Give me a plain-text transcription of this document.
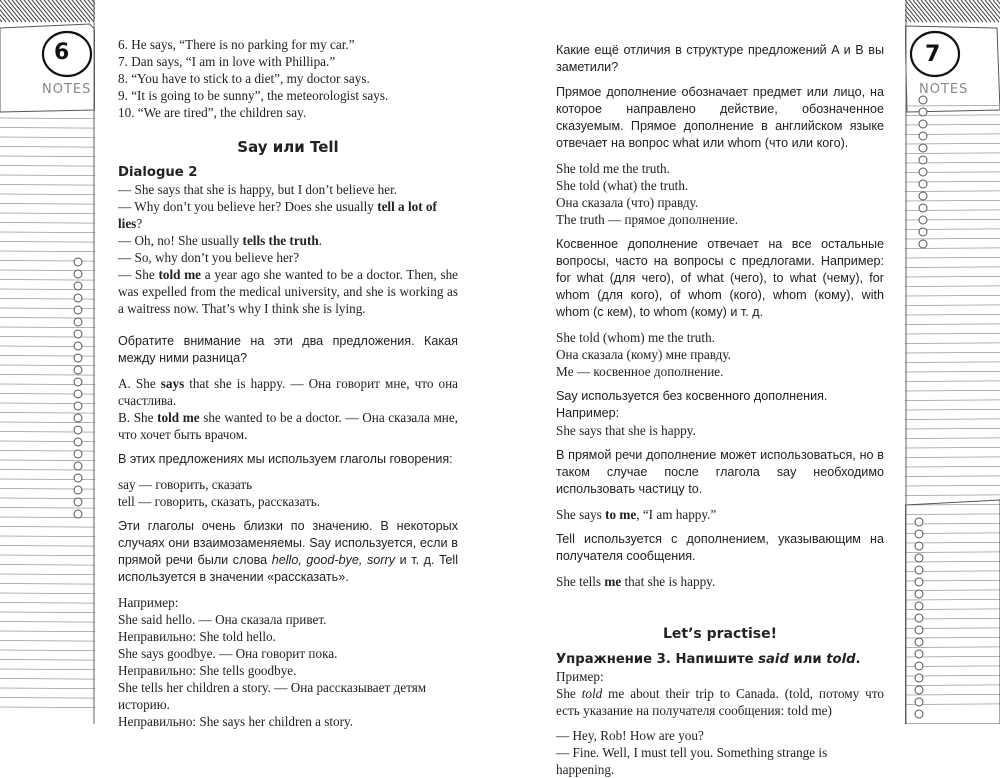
6
NOTES
7
NOTES

6. He says, “There is no parking for my car.”

7. Dan says, “I am in love with Phillipa.”

8. “You have to stick to a diet”, my doctor says.

9. “It is going to be sunny”, the meteorologist says.

10. “We are tired”, the children say.

Say или Tell

Dialogue 2

— She says that she is happy, but I don’t believe her.

— Why don’t you believe her? Does she usually tell a lot of lies?

— Oh, no! She usually tells the truth.

— So, why don’t you believe her?

— She told me a year ago she wanted to be a doctor. Then, she was expelled from the medical university, and she is working as a waitress now. That’s why I think she is lying.

Обратите внимание на эти два предложения. Какая между ними разница?

A. She says that she is happy. — Она говорит мне, что она счастлива.

B. She told me she wanted to be a doctor. — Она сказала мне, что хочет быть врачом.

В этих предложениях мы используем глаголы говорения:

say — говорить, сказать

tell — говорить, сказать, рассказать.

Эти глаголы очень близки по значению. В некоторых случаях они взаимозаменяемы. Say используется, если в прямой речи были слова hello, good-bye, sorry и т. д. Tell используется в значении «рассказать».

Например:

She said hello. — Она сказала привет.

Неправильно: She told hello.

She says goodbye. — Она говорит пока.

Неправильно: She tells goodbye.

She tells her children a story. — Она рассказывает детям историю.

Неправильно: She says her children a story.

Какие ещё отличия в структуре предложений A и B вы заметили?

Прямое дополнение обозначает предмет или лицо, на которое направлено действие, обозначенное сказуемым. Прямое дополнение в английском языке отвечает на вопрос what или whom (что или кого).

She told me the truth.

She told (what) the truth.

Она сказала (что) правду.

The truth — прямое дополнение.

Косвенное дополнение отвечает на все остальные вопросы, часто на вопросы с предлогами. Например: for what (для чего), of what (чего), to what (чему), for whom (для кого), of whom (кого), whom (кому), with whom (с кем), to whom (кому) и т. д.

She told (whom) me the truth.

Она сказала (кому) мне правду.

Me — косвенное дополнение.

Say используется без косвенного дополнения. Например:

She says that she is happy.

В прямой речи дополнение может использоваться, но в таком случае после глагола say необходимо использовать частицу to.

She says to me, “I am happy.”

Tell используется с дополнением, указывающим на получателя сообщения.

She tells me that she is happy.

Let’s practise!

Упражнение 3. Напишите said или told.

Пример:

She told me about their trip to Canada. (told, потому что есть указание на получателя сообщения: told me)

— Hey, Rob! How are you?

— Fine. Well, I must tell you. Something strange is happening.
